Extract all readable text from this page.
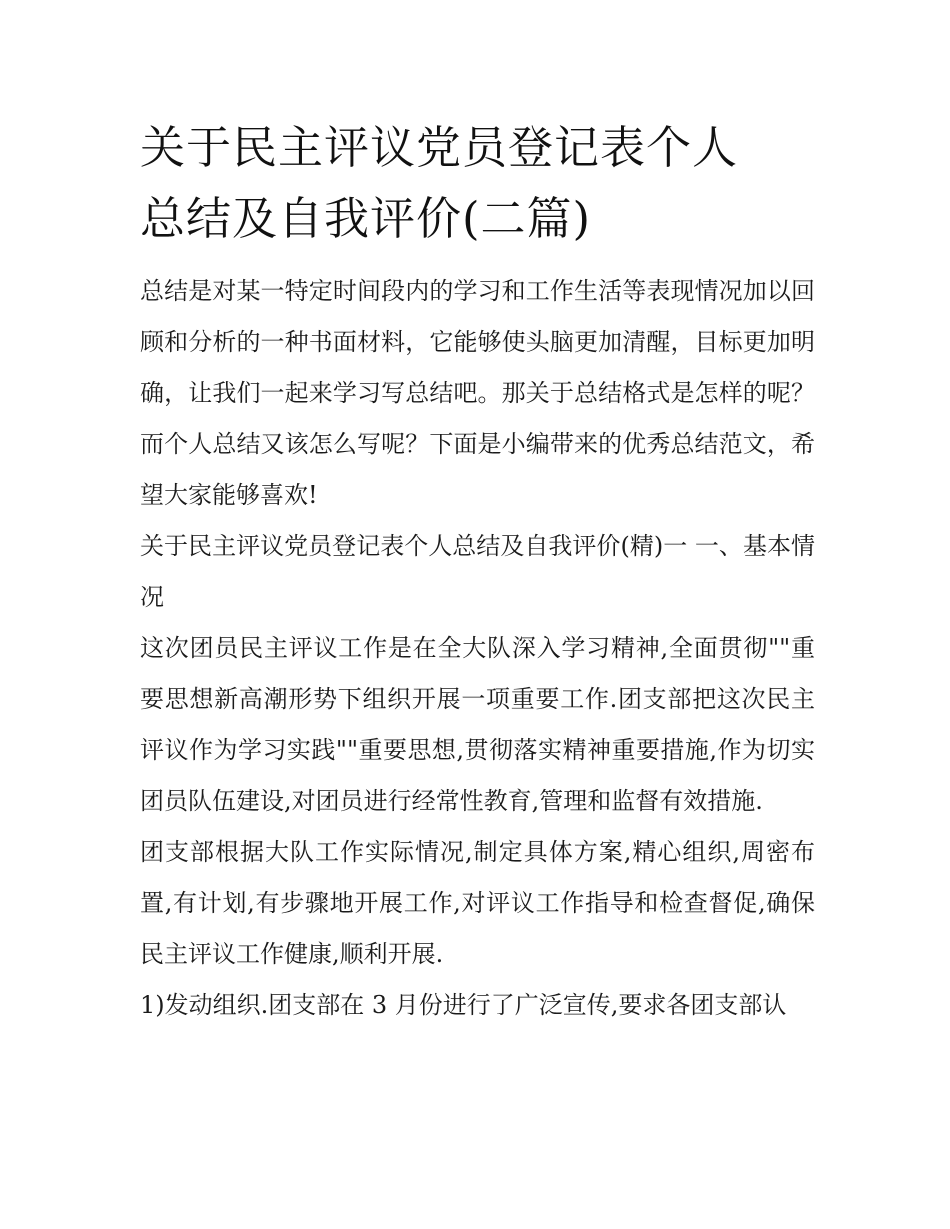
关于民主评议党员登记表个人
总结及自我评价(二篇)

总结是对某一特定时间段内的学习和工作生活等表现情况加以回顾和分析的一种书面材料，它能够使头脑更加清醒，目标更加明确，让我们一起来学习写总结吧。那关于总结格式是怎样的呢？而个人总结又该怎么写呢？下面是小编带来的优秀总结范文，希望大家能够喜欢!

关于民主评议党员登记表个人总结及自我评价(精)一 一、基本情况

这次团员民主评议工作是在全大队深入学习精神,全面贯彻""重要思想新高潮形势下组织开展一项重要工作.团支部把这次民主评议作为学习实践""重要思想,贯彻落实精神重要措施,作为切实团员队伍建设,对团员进行经常性教育,管理和监督有效措施.

团支部根据大队工作实际情况,制定具体方案,精心组织,周密布置,有计划,有步骤地开展工作,对评议工作指导和检查督促,确保民主评议工作健康,顺利开展.

1)发动组织.团支部在 3 月份进行了广泛宣传,要求各团支部认
